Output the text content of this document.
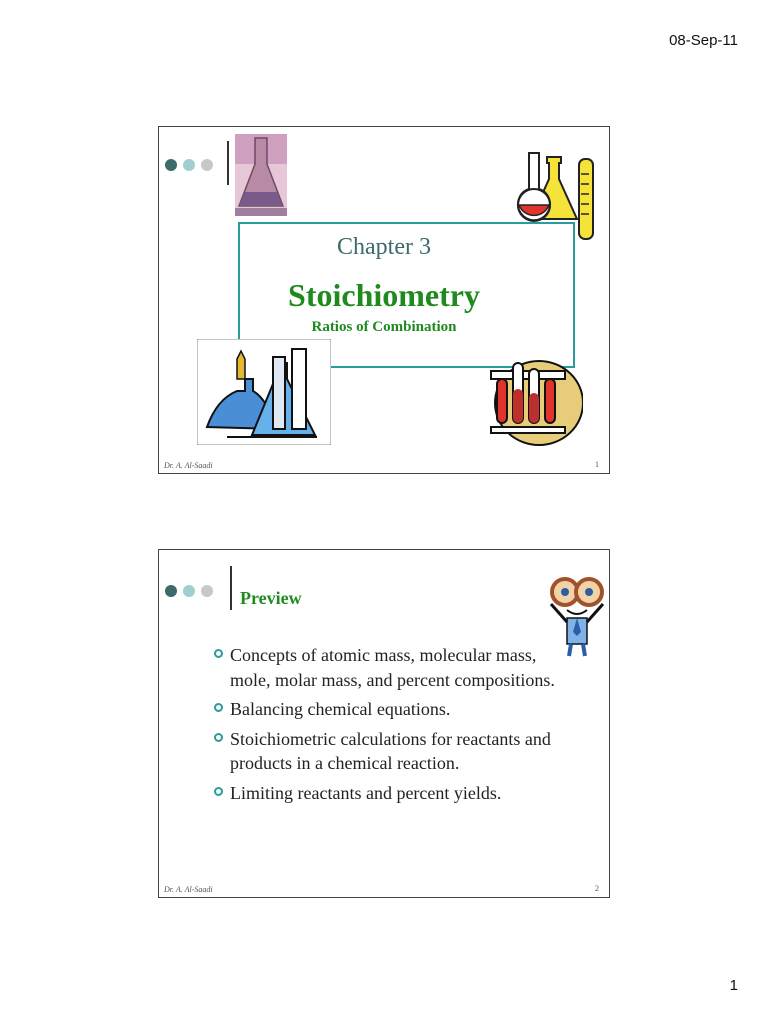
08-Sep-11
Chapter 3
Stoichiometry
Ratios of Combination
Dr. A. Al-Saadi	1
Preview
Concepts of atomic mass, molecular mass, mole, molar mass, and percent compositions.
Balancing chemical equations.
Stoichiometric calculations for reactants and products in a chemical reaction.
Limiting reactants and percent yields.
Dr. A. Al-Saadi	2
1
